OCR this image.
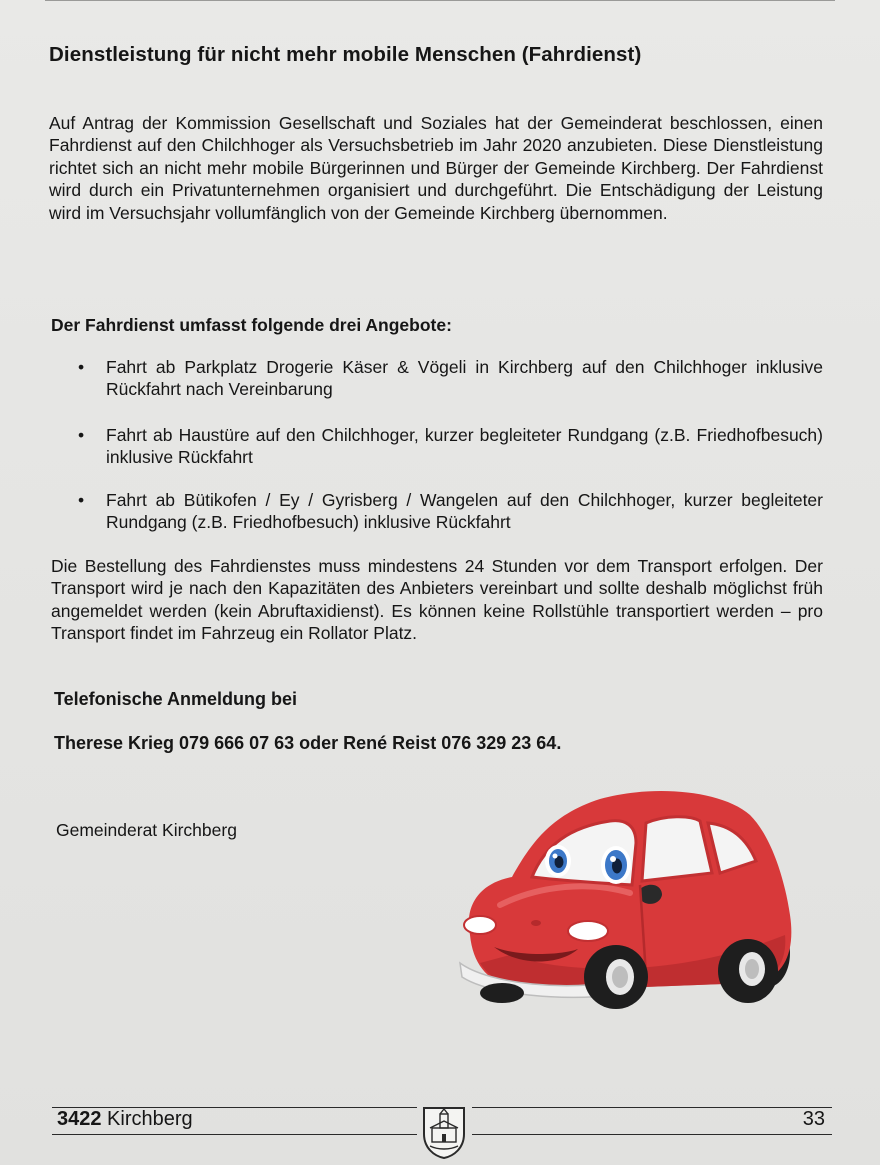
Dienstleistung für nicht mehr mobile Menschen (Fahrdienst)

Auf Antrag der Kommission Gesellschaft und Soziales hat der Gemeinderat beschlossen, einen Fahrdienst auf den Chilchhoger als Versuchsbetrieb im Jahr 2020 anzubieten. Diese Dienstleistung richtet sich an nicht mehr mobile Bürgerinnen und Bürger der Gemeinde Kirchberg. Der Fahrdienst wird durch ein Privatunternehmen organisiert und durchgeführt. Die Entschädigung der Leistung wird im Versuchsjahr vollumfänglich von der Gemeinde Kirchberg übernommen.

Der Fahrdienst umfasst folgende drei Angebote:

• Fahrt ab Parkplatz Drogerie Käser & Vögeli in Kirchberg auf den Chilchhoger inklusive Rückfahrt nach Vereinbarung
• Fahrt ab Haustüre auf den Chilchhoger, kurzer begleiteter Rundgang (z.B. Friedhofbesuch) inklusive Rückfahrt
• Fahrt ab Bütikofen / Ey / Gyrisberg / Wangelen auf den Chilchhoger, kurzer begleiteter Rundgang (z.B. Friedhofbesuch) inklusive Rückfahrt

Die Bestellung des Fahrdienstes muss mindestens 24 Stunden vor dem Transport erfolgen. Der Transport wird je nach den Kapazitäten des Anbieters vereinbart und sollte deshalb möglichst früh angemeldet werden (kein Abruftaxidienst). Es können keine Rollstühle transportiert werden – pro Transport findet im Fahrzeug ein Rollator Platz.

Telefonische Anmeldung bei

Therese Krieg 079 666 07 63 oder René Reist 076 329 23 64.

Gemeinderat Kirchberg

3422 Kirchberg	33
